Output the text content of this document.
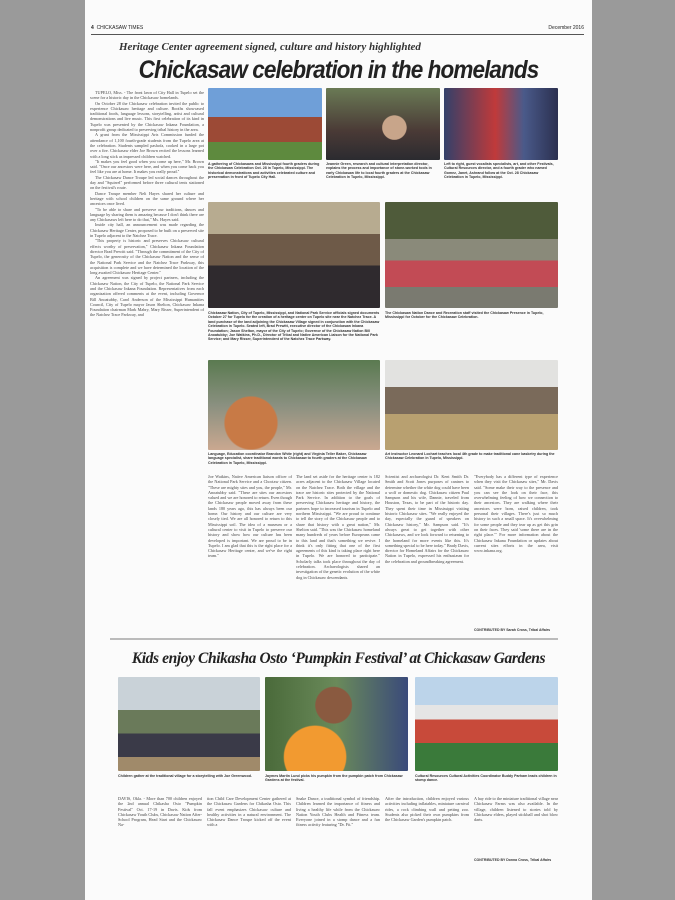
4 CHICKASAW TIMES	December 2016
Heritage Center agreement signed, culture and history highlighted
Chickasaw celebration in the homelands

TUPELO, Miss. - The front lawn of City Hall in Tupelo set the scene for a historic day in the Chickasaw homelands.

On October 28 the Chickasaw celebration invited the public to experience Chickasaw heritage and culture. Booths showcased traditional foods, language lessons, storytelling, artist and cultural demonstrations and live music. This first celebration of its kind in Tupelo was presented by the Chickasaw Inkana Foundation, a nonprofit group dedicated to preserving tribal history in the area.

A grant from the Mississippi Arts Commission funded the attendance of 1,100 fourth-grade students from the Tupelo area at the celebration. Students sampled pashofa, cooked in a large pot over a fire. Chickasaw elder Joe Brown recited the lessons learned with a long stick as impressed children watched.

"It makes you feel good when you come up here," Mr. Brown said. "Once our ancestors were here, and when you come back you feel like you are at home. It makes you really proud."

The Chickasaw Dance Troupe led social dances throughout the day and "Squirrel" performed before three cultural tents stationed on the festival's route.

Dance Troupe member Neli Hayes shared her culture and heritage with school children on the same ground where her ancestors once lived.

"To be able to share and preserve our traditions, dances and language by sharing them is amazing because I don't think there are any Chickasaws left here to do that," Ms. Hayes said.

Inside city hall, an announcement was made regarding the Chickasaw Heritage Center, proposed to be built on a preserved site in Tupelo adjacent to the Natchez Trace.

"This property is historic and preserves Chickasaw cultural effects worthy of preservation," Chickasaw Inkana Foundation director Brad Prewitt said. "Through the commitment of the City of Tupelo, the generosity of the Chickasaw Nation and the sense of the National Park Service and the Natchez Trace Parkway, this acquisition is complete and we have determined the location of the long awaited Chickasaw Heritage Center."

An agreement was signed by project partners, including the Chickasaw Nation, the City of Tupelo, the National Park Service and the Chickasaw Inkana Foundation. Representatives from each organization offered comments at the event, including Governor Bill Anoatubby, Carol Anderson of the Mississippi Humanities Council, City of Tupelo mayor Jason Shelton, Chickasaw Inkana Foundation chairman Mark Mabry, Mary Risser, Superintendent of the Natchez Trace Parkway, and

A gathering of Chickasaws and Mississippi fourth graders during the Chickasaw Celebration Oct. 28 in Tupelo, Mississippi. The historical demonstrations and activities celebrated culture and preservation in front of Tupelo City Hall.
Jeannie Green, research and cultural interpretation director, explains the process and importance of stone-worked tools in early Chickasaw life to local fourth graders at the Chickasaw Celebration in Tupelo, Mississippi.
Left to right, guest vocalists specialists, art, and other Festivals, Cultural Resources director, and a fourth grader who named Gomez, Janet, Ashrand follow at the Oct. 28 Chickasaw Celebration in Tupelo, Mississippi.
Chickasaw Nation, City of Tupelo, Mississippi, and National Park Service officials signed documents October 27 for Tupelo for the creation of a heritage center on Tupelo site near the Natchez Trace. A land purchase of the land adjoining the Chickasaw Village signed in conjunction with the Chickasaw Celebration in Tupelo. Seated left, Brad Prewitt, executive director of the Chickasaw Inkana Foundation; Jason Shelton, mayor of the City of Tupelo; Governor of the Chickasaw Nation Bill Anoatubby; Joe Watkins, Ph.D., Director of Tribal and Native American Liaison for the National Park Service; and Mary Risser, Superintendent of the Natchez Trace Parkway.
The Chickasaw Nation Dance and Recreation staff visited the Chickasaw Presence in Tupelo, Mississippi for October for the Chickasaw Celebration.
Language, Education coordinator Brandon White (right) and Virginia Teller Baker, Chickasaw language specialist, share traditional words to Chickasaw to fourth graders at the Chickasaw Celebration in Tupelo, Mississippi.
Art instructor Leonard Lochart teaches local 4th grade to make traditional cane basketry during the Chickasaw Celebration in Tupelo, Mississippi.
Joe Watkins, Native American liaison officer of the National Park Service and a Choctaw citizen. "These are mighty sites and you, the people," Mr. Anoatubby said. "These are sites our ancestors valued and we are honored to return. Even though the Chickasaw people moved away from these lands 180 years ago, this has always been our home. Our history and our culture are very closely tied. We are all honored to return to this Mississippi soil. The idea of a museum or a cultural center to visit in Tupelo to preserve our history and show how our culture has been developed is important. We are proud to be in Tupelo. I am glad that this is the right place for a Chickasaw Heritage center, and we've the right team."
The land set aside for the heritage center is 182 acres adjacent to the Chickasaw Village located on the Natchez Trace. Both the village and the trace are historic sites protected by the National Park Service. In addition to the goals of preserving Chickasaw heritage and history, the partners hope to increased tourism in Tupelo and northern Mississippi. "We are proud to continue to tell the story of the Chickasaw people and to share that history with a great nation," Mr. Shelton said. "This was the Chickasaw homeland many hundreds of years before Europeans came to this land and that's something we revive. I think it's only fitting that one of the first agreements of this kind is taking place right here in Tupelo. We are honored to participate." Scholarly talks took place throughout the day of celebration. Archaeologists shared an investigation of the genetic evolution of the white dog in Chickasaw descendants.
Scientist and archaeologist Dr. Kent Smith Dr. Smith and Scott Jones purposes of canines to determine whether the white dog could have been a wolf or domestic dog. Chickasaw citizen Paul Sampson and his wife, Dannie, traveled from Houston, Texas, to be part of the historic day. They spent their time in Mississippi visiting historic Chickasaw sites. "We really enjoyed the day, especially the guard of speakers on Chickasaw history," Mr. Sampson said. "It's always great to get together with other Chickasaws, and we look forward to returning to the homeland for more events like this. It's something special to be here today." Brady Davis, director for Homeland Affairs for the Chickasaw Nation in Tupelo, expressed his enthusiasm for the celebration and groundbreaking agreement.
"Everybody has a different type of experience when they visit the Chickasaw sites," Mr. Davis said. "Some make their way to the presence and you can see the look on their face, this overwhelming feeling of how we connection to their ancestors. They are walking where their ancestors were born, raised children, took personal their villages. There's just so much history in such a small space. It's overwhelming for some people and they tear up as get this grin on their faces. They said 'some there are in the right place.'" For more information about the Chickasaw Inkana Foundation or updates about current sites efforts in the area, visit www.inkana.org.
CONTRIBUTED BY Sarah Cross, Tribal Affairs
Kids enjoy Chikasha Osto ‘Pumpkin Festival’ at Chickasaw Gardens
Children gather at the traditional village for a storytelling with Joe Greenwood.	Jaymes Martin Lund picks his pumpkin from the pumpkin patch from Chickasaw Gardens at the festival.
Cultural Resources Cultural Activities Coordinator Buddy Parham leads children in stomp dance.
DAVIS, Okla. - More than 700 children enjoyed the 2nd annual Chikasha Osto "Pumpkin Festival" Oct. 17-19 in Davis. Kids from Chickasaw Youth Clubs, Chickasaw Nation After-School Program, Head Start and the Chickasaw Na-
tion Child Care Development Center gathered at the Chickasaw Gardens for Chikasha Osto. This fall event emphasizes Chickasaw culture and healthy activities in a natural environment. The Chickasaw Dance Troupe kicked off the event with a
Snake Dance, a traditional symbol of friendship. Children learned the importance of fitness and living a healthy life while from the Chickasaw Nation Youth Clubs Health and Fitness team. Everyone joined in a stomp dance and a fun fitness activity featuring "Dr. Fit."
After the introduction, children enjoyed various activities including inflatables, miniature carnival rides, a rock climbing wall and petting zoo. Students also picked their own pumpkins from the Chickasaw Garden's pumpkin patch.
A hay ride to the miniature traditional village near Chickasaw Farms was also available. In the village, children listened to stories told by Chickasaw elders, played stickball and shot blow darts.
CONTRIBUTED BY Donna Cross, Tribal Affairs
